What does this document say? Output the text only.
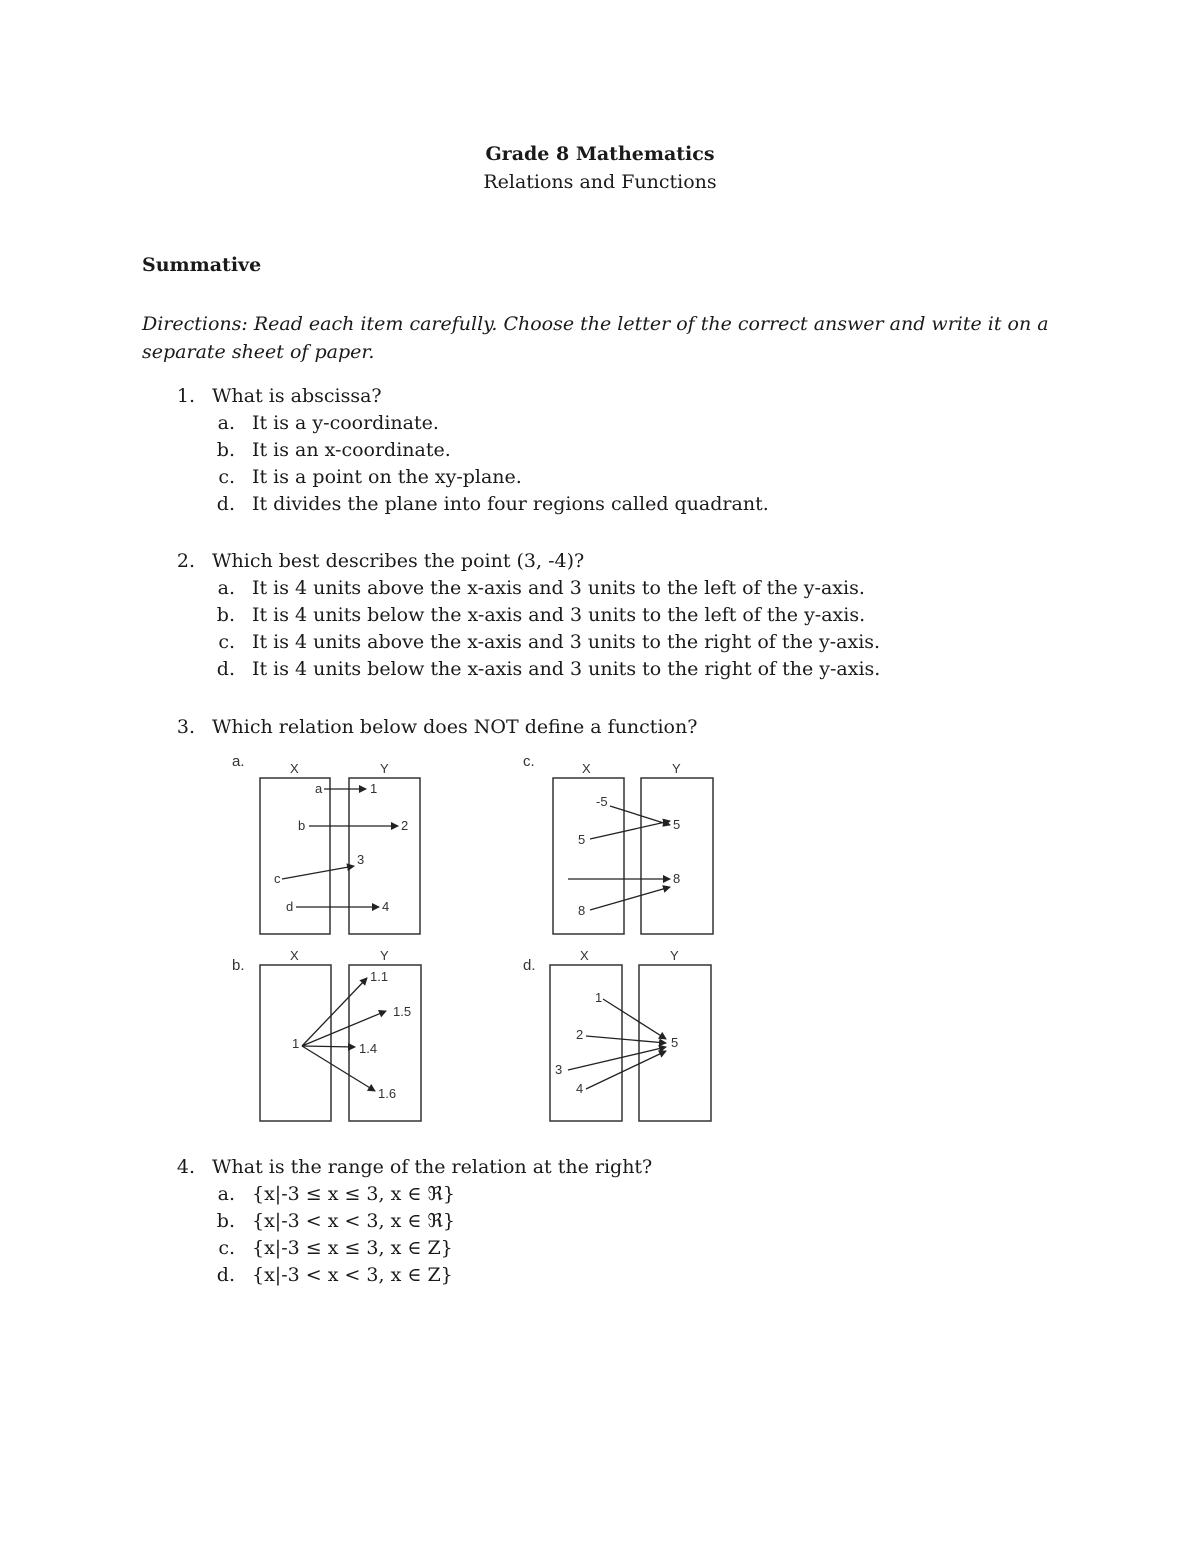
Grade 8 Mathematics
Relations and Functions
Summative
Directions: Read each item carefully. Choose the letter of the correct answer and write it on a separate sheet of paper.
1. What is abscissa?
a. It is a y-coordinate.
b. It is an x-coordinate.
c. It is a point on the xy-plane.
d. It divides the plane into four regions called quadrant.
2. Which best describes the point (3, -4)?
a. It is 4 units above the x-axis and 3 units to the left of the y-axis.
b. It is 4 units below the x-axis and 3 units to the left of the y-axis.
c. It is 4 units above the x-axis and 3 units to the right of the y-axis.
d. It is 4 units below the x-axis and 3 units to the right of the y-axis.
3. Which relation below does NOT define a function?
a.	X	Y
a
b
c
d
1
2
3
4
c.	X	Y
-5
5
8
5
8
b.
X	Y
1
1.1
1.5
1.4
1.6
d.
X	Y
1
2
3
4
5
4. What is the range of the relation at the right?
a. {x|-3 ≤ x ≤ 3, x ∈ ℜ}
b. {x|-3 < x < 3, x ∈ ℜ}
c. {x|-3 ≤ x ≤ 3, x ∈ Z}
d. {x|-3 < x < 3, x ∈ Z}
